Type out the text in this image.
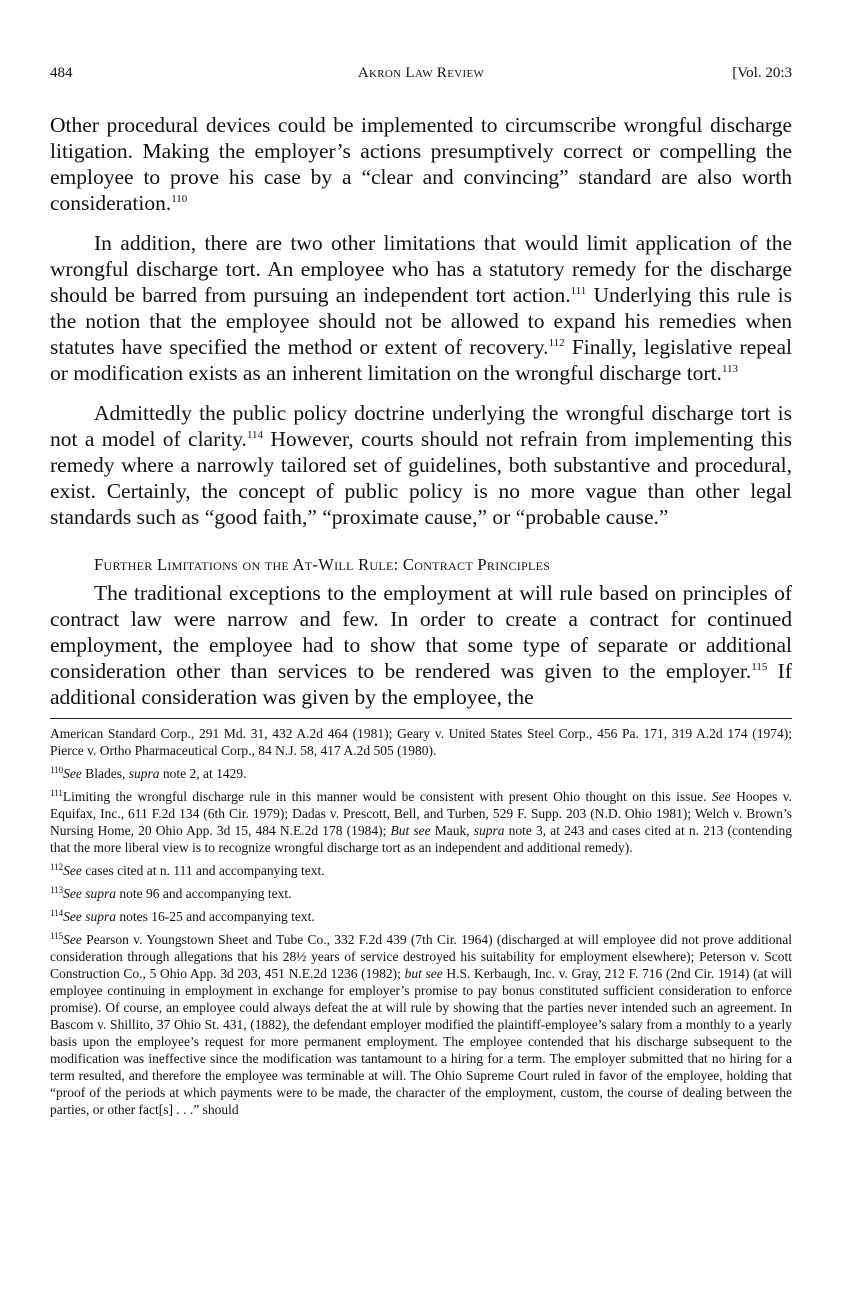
484	Akron Law Review	[Vol. 20:3

Other procedural devices could be implemented to circumscribe wrongful discharge litigation. Making the employer’s actions presumptively correct or compelling the employee to prove his case by a “clear and convincing” standard are also worth consideration.$^{110}$

In addition, there are two other limitations that would limit application of the wrongful discharge tort. An employee who has a statutory remedy for the discharge should be barred from pursuing an independent tort action.$^{111}$ Underlying this rule is the notion that the employee should not be allowed to expand his remedies when statutes have specified the method or extent of recovery.$^{112}$ Finally, legislative repeal or modification exists as an inherent limitation on the wrongful discharge tort.$^{113}$

Admittedly the public policy doctrine underlying the wrongful discharge tort is not a model of clarity.$^{114}$ However, courts should not refrain from implementing this remedy where a narrowly tailored set of guidelines, both substantive and procedural, exist. Certainly, the concept of public policy is no more vague than other legal standards such as “good faith,” “proximate cause,” or “probable cause.”

Further Limitations on the At-Will Rule: Contract Principles

The traditional exceptions to the employment at will rule based on principles of contract law were narrow and few. In order to create a contract for continued employment, the employee had to show that some type of separate or additional consideration other than services to be rendered was given to the employer.$^{115}$ If additional consideration was given by the employee, the

American Standard Corp., 291 Md. 31, 432 A.2d 464 (1981); Geary v. United States Steel Corp., 456 Pa. 171, 319 A.2d 174 (1974); Pierce v. Ortho Pharmaceutical Corp., 84 N.J. 58, 417 A.2d 505 (1980).

$^{110}$See Blades, supra note 2, at 1429.

$^{111}$Limiting the wrongful discharge rule in this manner would be consistent with present Ohio thought on this issue. See Hoopes v. Equifax, Inc., 611 F.2d 134 (6th Cir. 1979); Dadas v. Prescott, Bell, and Turben, 529 F. Supp. 203 (N.D. Ohio 1981); Welch v. Brown’s Nursing Home, 20 Ohio App. 3d 15, 484 N.E.2d 178 (1984); But see Mauk, supra note 3, at 243 and cases cited at n. 213 (contending that the more liberal view is to recognize wrongful discharge tort as an independent and additional remedy).

$^{112}$See cases cited at n. 111 and accompanying text.

$^{113}$See supra note 96 and accompanying text.

$^{114}$See supra notes 16-25 and accompanying text.

$^{115}$See Pearson v. Youngstown Sheet and Tube Co., 332 F.2d 439 (7th Cir. 1964) (discharged at will employee did not prove additional consideration through allegations that his 28½ years of service destroyed his suitability for employment elsewhere); Peterson v. Scott Construction Co., 5 Ohio App. 3d 203, 451 N.E.2d 1236 (1982); but see H.S. Kerbaugh, Inc. v. Gray, 212 F. 716 (2nd Cir. 1914) (at will employee continuing in employment in exchange for employer’s promise to pay bonus constituted sufficient consideration to enforce promise). Of course, an employee could always defeat the at will rule by showing that the parties never intended such an agreement. In Bascom v. Shillito, 37 Ohio St. 431, (1882), the defendant employer modified the plaintiff-employee’s salary from a monthly to a yearly basis upon the employee’s request for more permanent employment. The employee contended that his discharge subsequent to the modification was ineffective since the modification was tantamount to a hiring for a term. The employer submitted that no hiring for a term resulted, and therefore the employee was terminable at will. The Ohio Supreme Court ruled in favor of the employee, holding that “proof of the periods at which payments were to be made, the character of the employment, custom, the course of dealing between the parties, or other fact[s] . . .” should
